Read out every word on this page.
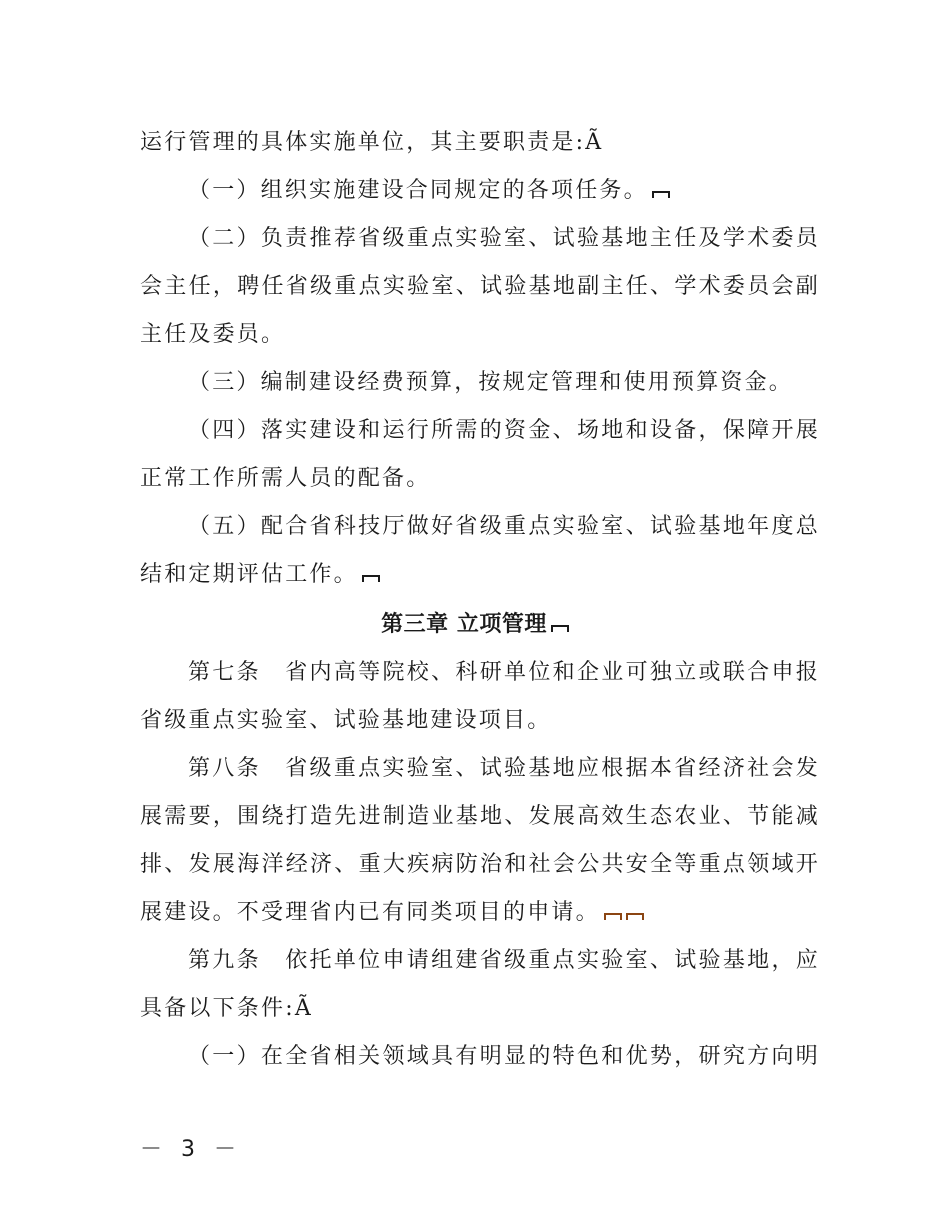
运行管理的具体实施单位，其主要职责是:Ã
（一）组织实施建设合同规定的各项任务。
（二）负责推荐省级重点实验室、试验基地主任及学术委员
会主任，聘任省级重点实验室、试验基地副主任、学术委员会副
主任及委员。
（三）编制建设经费预算，按规定管理和使用预算资金。
（四）落实建设和运行所需的资金、场地和设备，保障开展
正常工作所需人员的配备。
（五）配合省科技厅做好省级重点实验室、试验基地年度总
结和定期评估工作。
第三章 立项管理
第七条　省内高等院校、科研单位和企业可独立或联合申报
省级重点实验室、试验基地建设项目。
第八条　省级重点实验室、试验基地应根据本省经济社会发
展需要，围绕打造先进制造业基地、发展高效生态农业、节能减
排、发展海洋经济、重大疾病防治和社会公共安全等重点领域开
展建设。不受理省内已有同类项目的申请。
第九条　依托单位申请组建省级重点实验室、试验基地，应
具备以下条件:Ã
（一）在全省相关领域具有明显的特色和优势，研究方向明
－ 3 －
